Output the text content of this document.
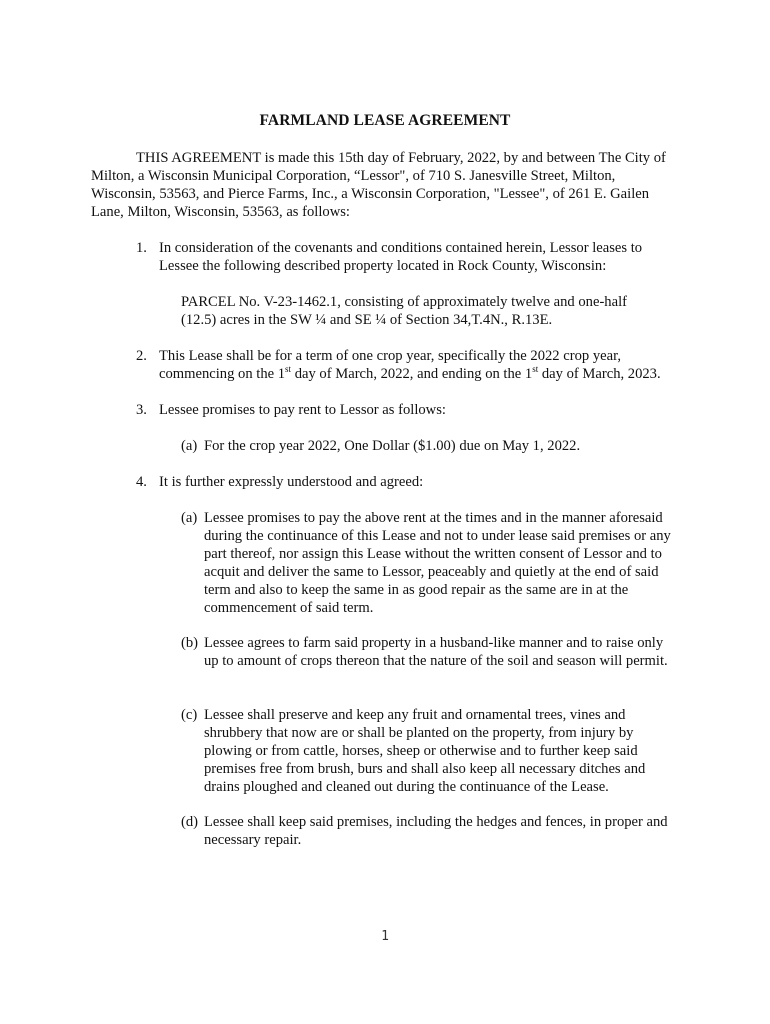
FARMLAND LEASE AGREEMENT
THIS AGREEMENT is made this 15th day of February, 2022, by and between The City of Milton, a Wisconsin Municipal Corporation, “Lessor", of 710 S. Janesville Street, Milton, Wisconsin, 53563, and Pierce Farms, Inc., a Wisconsin Corporation, "Lessee", of 261 E. Gailen Lane, Milton, Wisconsin, 53563, as follows:
1. In consideration of the covenants and conditions contained herein, Lessor leases to Lessee the following described property located in Rock County, Wisconsin:
PARCEL No. V-23-1462.1, consisting of approximately twelve and one-half (12.5) acres in the SW ¼ and SE ¼ of Section 34,T.4N., R.13E.
2. This Lease shall be for a term of one crop year, specifically the 2022 crop year, commencing on the 1st day of March, 2022, and ending on the 1st day of March, 2023.
3. Lessee promises to pay rent to Lessor as follows:
(a) For the crop year 2022, One Dollar ($1.00) due on May 1, 2022.
4. It is further expressly understood and agreed:
(a) Lessee promises to pay the above rent at the times and in the manner aforesaid during the continuance of this Lease and not to under lease said premises or any part thereof, nor assign this Lease without the written consent of Lessor and to acquit and deliver the same to Lessor, peaceably and quietly at the end of said term and also to keep the same in as good repair as the same are in at the commencement of said term.
(b) Lessee agrees to farm said property in a husband-like manner and to raise only up to amount of crops thereon that the nature of the soil and season will permit.
(c) Lessee shall preserve and keep any fruit and ornamental trees, vines and shrubbery that now are or shall be planted on the property, from injury by plowing or from cattle, horses, sheep or otherwise and to further keep said premises free from brush, burs and shall also keep all necessary ditches and drains ploughed and cleaned out during the continuance of the Lease.
(d) Lessee shall keep said premises, including the hedges and fences, in proper and necessary repair.
1
